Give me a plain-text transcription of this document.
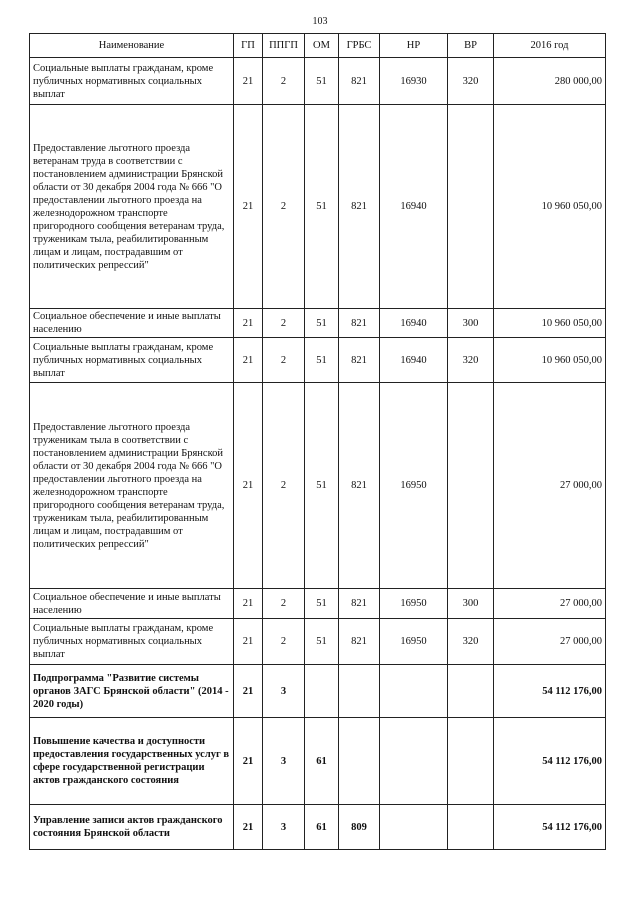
103
Наименование	ГП	ППГП	ОМ	ГРБС	НР	ВР	2016 год
Социальные выплаты гражданам, кроме публичных нормативных социальных выплат	21	2	51	821	16930	320	280 000,00
Предоставление льготного проезда ветеранам труда в соответствии с постановлением администрации Брянской области от 30 декабря 2004 года № 666 "О предоставлении льготного проезда на железнодорожном транспорте пригородного сообщения ветеранам труда, труженикам тыла, реабилитированным лицам и лицам, пострадавшим от политических репрессий"	21	2	51	821	16940		10 960 050,00
Социальное обеспечение и иные выплаты населению	21	2	51	821	16940	300	10 960 050,00
Социальные выплаты гражданам, кроме публичных нормативных социальных выплат	21	2	51	821	16940	320	10 960 050,00
Предоставление льготного проезда труженикам тыла в соответствии с постановлением администрации Брянской области от 30 декабря 2004 года № 666 "О предоставлении льготного проезда на железнодорожном транспорте пригородного сообщения ветеранам труда, труженикам тыла, реабилитированным лицам и лицам, пострадавшим от политических репрессий"	21	2	51	821	16950		27 000,00
Социальное обеспечение и иные выплаты населению	21	2	51	821	16950	300	27 000,00
Социальные выплаты гражданам, кроме публичных нормативных социальных выплат	21	2	51	821	16950	320	27 000,00
Подпрограмма "Развитие системы органов ЗАГС Брянской области" (2014 - 2020 годы)	21	3					54 112 176,00
Повышение качества и доступности предоставления государственных услуг в сфере государственной регистрации актов гражданского состояния	21	3	61				54 112 176,00
Управление записи актов гражданского состояния Брянской области	21	3	61	809			54 112 176,00
